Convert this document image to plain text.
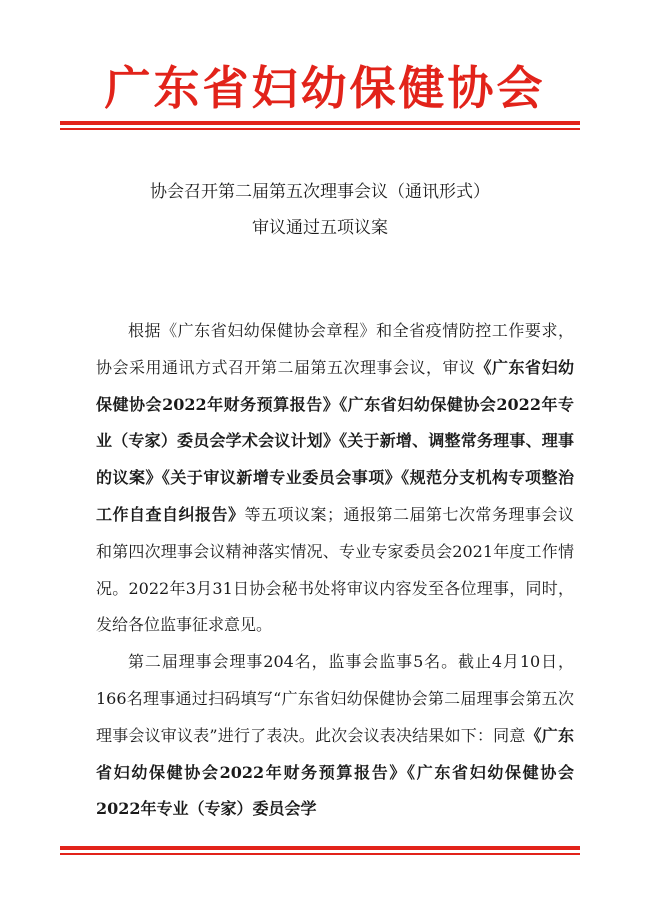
广东省妇幼保健协会
协会召开第二届第五次理事会议（通讯形式）
审议通过五项议案

根据《广东省妇幼保健协会章程》和全省疫情防控工作要求，协会采用通讯方式召开第二届第五次理事会议，审议《广东省妇幼保健协会2022年财务预算报告》《广东省妇幼保健协会2022年专业（专家）委员会学术会议计划》《关于新增、调整常务理事、理事的议案》《关于审议新增专业委员会事项》《规范分支机构专项整治工作自查自纠报告》等五项议案；通报第二届第七次常务理事会议和第四次理事会议精神落实情况、专业专家委员会2021年度工作情况。2022年3月31日协会秘书处将审议内容发至各位理事，同时，发给各位监事征求意见。

第二届理事会理事204名，监事会监事5名。截止4月10日，166名理事通过扫码填写“广东省妇幼保健协会第二届理事会第五次理事会议审议表”进行了表决。此次会议表决结果如下：同意《广东省妇幼保健协会2022年财务预算报告》《广东省妇幼保健协会2022年专业（专家）委员会学
